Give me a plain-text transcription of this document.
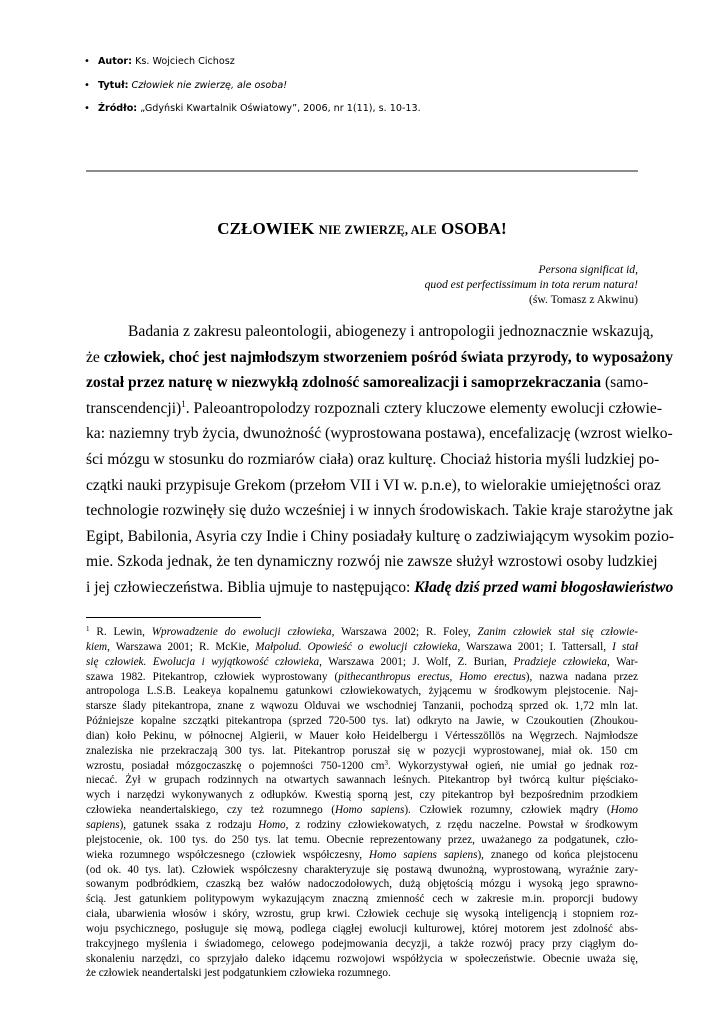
• Autor: Ks. Wojciech Cichosz
• Tytuł: Człowiek nie zwierzę, ale osoba!
• Źródło: „Gdyński Kwartalnik Oświatowy”, 2006, nr 1(11), s. 10-13.
CZŁOWIEK NIE ZWIERZĘ, ALE OSOBA!
Persona significat id,
quod est perfectissimum in tota rerum natura!
(św. Tomasz z Akwinu)
Badania z zakresu paleontologii, abiogenezy i antropologii jednoznacznie wskazują,
że człowiek, choć jest najmłodszym stworzeniem pośród świata przyrody, to wyposażony
został przez naturę w niezwykłą zdolność samorealizacji i samoprzekraczania (samo-
transcendencji)$^1$. Paleoantropolodzy rozpoznali cztery kluczowe elementy ewolucji człowie-
ka: naziemny tryb życia, dwunożność (wyprostowana postawa), encefalizację (wzrost wielko-
ści mózgu w stosunku do rozmiarów ciała) oraz kulturę. Chociaż historia myśli ludzkiej po-
czątki nauki przypisuje Grekom (przełom VII i VI w. p.n.e), to wielorakie umiejętności oraz
technologie rozwinęły się dużo wcześniej i w innych środowiskach. Takie kraje starożytne jak
Egipt, Babilonia, Asyria czy Indie i Chiny posiadały kulturę o zadziwiającym wysokim pozio-
mie. Szkoda jednak, że ten dynamiczny rozwój nie zawsze służył wzrostowi osoby ludzkiej
i jej człowieczeństwa. Biblia ujmuje to następująco: Kładę dziś przed wami błogosławieństwo
$^1$ R. Lewin, Wprowadzenie do ewolucji człowieka, Warszawa 2002; R. Foley, Zanim człowiek stał się człowie-
kiem, Warszawa 2001; R. McKie, Małpolud. Opowieść o ewolucji człowieka, Warszawa 2001; I. Tattersall, I stał
się człowiek. Ewolucja i wyjątkowość człowieka, Warszawa 2001; J. Wolf, Z. Burian, Pradzieje człowieka, War-
szawa 1982. Pitekantrop, człowiek wyprostowany (pithecanthropus erectus, Homo erectus), nazwa nadana przez
antropologa L.S.B. Leakeya kopalnemu gatunkowi człowiekowatych, żyjącemu w środkowym plejstocenie. Naj-
starsze ślady pitekantropa, znane z wąwozu Olduvai we wschodniej Tanzanii, pochodzą sprzed ok. 1,72 mln lat.
Późniejsze kopalne szczątki pitekantropa (sprzed 720-500 tys. lat) odkryto na Jawie, w Czoukoutien (Zhoukou-
dian) koło Pekinu, w północnej Algierii, w Mauer koło Heidelbergu i Vértesszöllös na Węgrzech. Najmłodsze
znaleziska nie przekraczają 300 tys. lat. Pitekantrop poruszał się w pozycji wyprostowanej, miał ok. 150 cm
wzrostu, posiadał mózgoczaszkę o pojemności 750-1200 $cm^3$. Wykorzystywał ogień, nie umiał go jednak roz-
niecać. Żył w grupach rodzinnych na otwartych sawannach leśnych. Pitekantrop był twórcą kultur pięściako-
wych i narzędzi wykonywanych z odłupków. Kwestią sporną jest, czy pitekantrop był bezpośrednim przodkiem
człowieka neandertalskiego, czy też rozumnego (Homo sapiens). Człowiek rozumny, człowiek mądry (Homo
sapiens), gatunek ssaka z rodzaju Homo, z rodziny człowiekowatych, z rzędu naczelne. Powstał w środkowym
plejstocenie, ok. 100 tys. do 250 tys. lat temu. Obecnie reprezentowany przez, uważanego za podgatunek, czło-
wieka rozumnego współczesnego (człowiek współczesny, Homo sapiens sapiens), znanego od końca plejstocenu
(od ok. 40 tys. lat). Człowiek współczesny charakteryzuje się postawą dwunożną, wyprostowaną, wyraźnie zary-
sowanym podbródkiem, czaszką bez wałów nadoczodołowych, dużą objętością mózgu i wysoką jego sprawno-
ścią. Jest gatunkiem politypowym wykazującym znaczną zmienność cech w zakresie m.in. proporcji budowy
ciała, ubarwienia włosów i skóry, wzrostu, grup krwi. Człowiek cechuje się wysoką inteligencją i stopniem roz-
woju psychicznego, posługuje się mową, podlega ciągłej ewolucji kulturowej, której motorem jest zdolność abs-
trakcyjnego myślenia i świadomego, celowego podejmowania decyzji, a także rozwój pracy przy ciągłym do-
skonaleniu narzędzi, co sprzyjało daleko idącemu rozwojowi współżycia w społeczeństwie. Obecnie uważa się,
że człowiek neandertalski jest podgatunkiem człowieka rozumnego.
